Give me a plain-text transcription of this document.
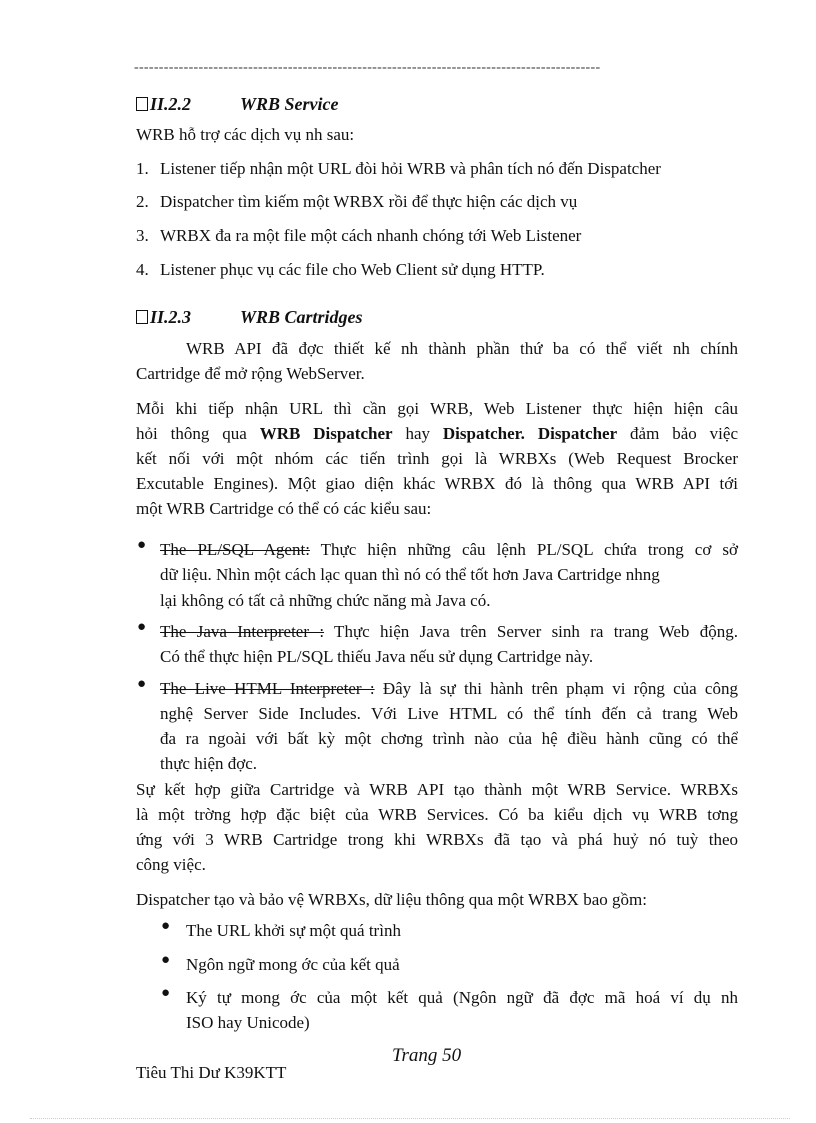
----------------------------------------------------------------------------------------------
II.2.2	WRB Service
WRB hỗ trợ các dịch vụ nh sau:
1. Listener tiếp nhận một URL đòi hỏi WRB và phân tích nó đến Dispatcher
2. Dispatcher tìm kiếm một WRBX rồi để thực hiện các dịch vụ
3. WRBX đa ra một file một cách nhanh chóng tới Web Listener
4. Listener phục vụ các file cho Web Client sử dụng HTTP.
II.2.3	WRB Cartridges
WRB API đã đợc thiết kế nh thành phần thứ ba có thể viết nh chính
Cartridge để mở rộng WebServer.
Mỗi khi tiếp nhận URL thì cần gọi WRB, Web Listener thực hiện hiện câu
hỏi thông qua WRB Dispatcher hay Dispatcher. Dispatcher đảm bảo việc
kết nối với một nhóm các tiến trình gọi là WRBXs (Web Request Brocker
Excutable Engines). Một giao diện khác WRBX đó là thông qua WRB API tới
một WRB Cartridge có thể có các kiểu sau:
● The PL/SQL Agent: Thực hiện những câu lệnh PL/SQL chứa trong cơ sở
dữ liệu. Nhìn một cách lạc quan thì nó có thể tốt hơn Java Cartridge nhng
lại không có tất cả những chức năng mà Java có.
● The Java Interpreter : Thực hiện Java trên Server sinh ra trang Web động.
Có thể thực hiện PL/SQL thiếu Java nếu sử dụng Cartridge này.
● The Live HTML Interpreter : Đây là sự thi hành trên phạm vi rộng của công
nghệ Server Side Includes. Với Live HTML có thể tính đến cả trang Web
đa ra ngoài với bất kỳ một chơng trình nào của hệ điều hành cũng có thể
thực hiện đợc.
Sự kết hợp giữa Cartridge và WRB API tạo thành một WRB Service. WRBXs
là một trờng hợp đặc biệt của WRB Services. Có ba kiểu dịch vụ WRB tơng
ứng với 3 WRB Cartridge trong khi WRBXs đã tạo và phá huỷ nó tuỳ theo
công việc.
Dispatcher tạo và bảo vệ WRBXs, dữ liệu thông qua một WRBX bao gồm:
● The URL khởi sự một quá trình
● Ngôn ngữ mong ớc của kết quả
● Ký tự mong ớc của một kết quả (Ngôn ngữ đã đợc mã hoá ví dụ nh
ISO hay Unicode)
Trang 50
Tiêu Thi Dư K39KTT
